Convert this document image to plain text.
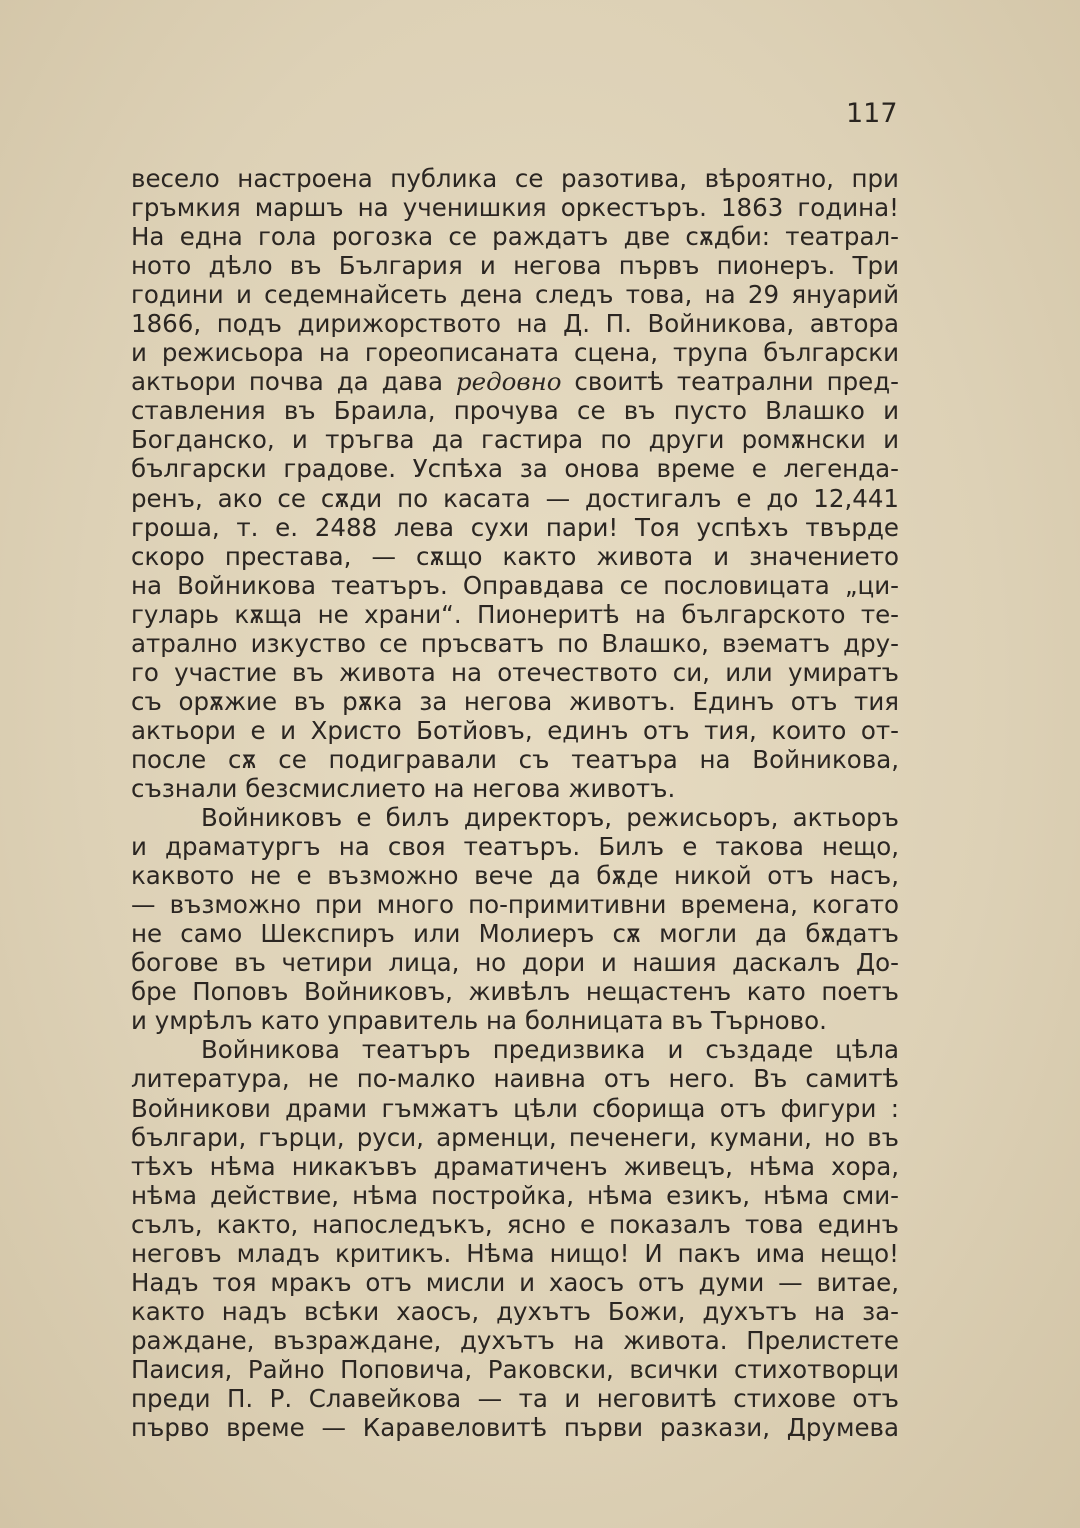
117
весело настроена публика се разотива, вѣроятно, при
гръмкия маршъ на ученишкия оркестъръ. 1863 година!
На една гола рогозка се раждатъ две сѫдби: театрал-
ното дѣло въ България и негова първъ пионеръ. Три
години и седемнайсеть дена следъ това, на 29 януарий
1866, подъ дирижорството на Д. П. Войникова, автора
и режисьора на гореописаната сцена, трупа български
актьори почва да дава редовно своитѣ театрални пред-
ставления въ Браила, прочува се въ пусто Влашко и
Богданско, и тръгва да гастира по други ромѫнски и
български градове. Успѣха за онова време е легенда-
ренъ, ако се сѫди по касата — достигалъ е до 12,441
гроша, т. е. 2488 лева сухи пари! Тоя успѣхъ твърде
скоро престава, — сѫщо както живота и значението
на Войникова театъръ. Оправдава се пословицата „ци-
гуларь кѫща не храни“. Пионеритѣ на българското те-
атрално изкуство се пръсватъ по Влашко, вэематъ дру-
го участие въ живота на отечеството си, или умиратъ
съ орѫжие въ рѫка за негова животъ. Единъ отъ тия
актьори е и Христо Ботйовъ, единъ отъ тия, които от-
после сѫ се подигравали съ театъра на Войникова,
съзнали безсмислието на негова животъ.
Войниковъ е билъ директоръ, режисьоръ, актьоръ
и драматургъ на своя театъръ. Билъ е такова нещо,
каквото не е възможно вече да бѫде никой отъ насъ,
— възможно при много по-примитивни времена, когато
не само Шекспиръ или Молиеръ сѫ могли да бѫдатъ
богове въ четири лица, но дори и нашия даскалъ До-
бре Поповъ Войниковъ, живѣлъ нещастенъ като поетъ
и умрѣлъ като управитель на болницата въ Търново.
Войникова театъръ предизвика и създаде цѣла
литература, не по-малко наивна отъ него. Въ самитѣ
Войникови драми гъмжатъ цѣли сборища отъ фигури :
българи, гърци, руси, арменци, печенеги, кумани, но въ
тѣхъ нѣма никакъвъ драматиченъ живецъ, нѣма хора,
нѣма действие, нѣма постройка, нѣма езикъ, нѣма сми-
сълъ, както, напоследъкъ, ясно е показалъ това единъ
неговъ младъ критикъ. Нѣма нищо! И пакъ има нещо!
Надъ тоя мракъ отъ мисли и хаосъ отъ думи — витае,
както надъ всѣки хаосъ, духътъ Божи, духътъ на за-
раждане, възраждане, духътъ на живота. Прелистете
Паисия, Райно Поповича, Раковски, всички стихотворци
преди П. Р. Славейкова — та и неговитѣ стихове отъ
първо време — Каравеловитѣ първи разкази, Друмева
